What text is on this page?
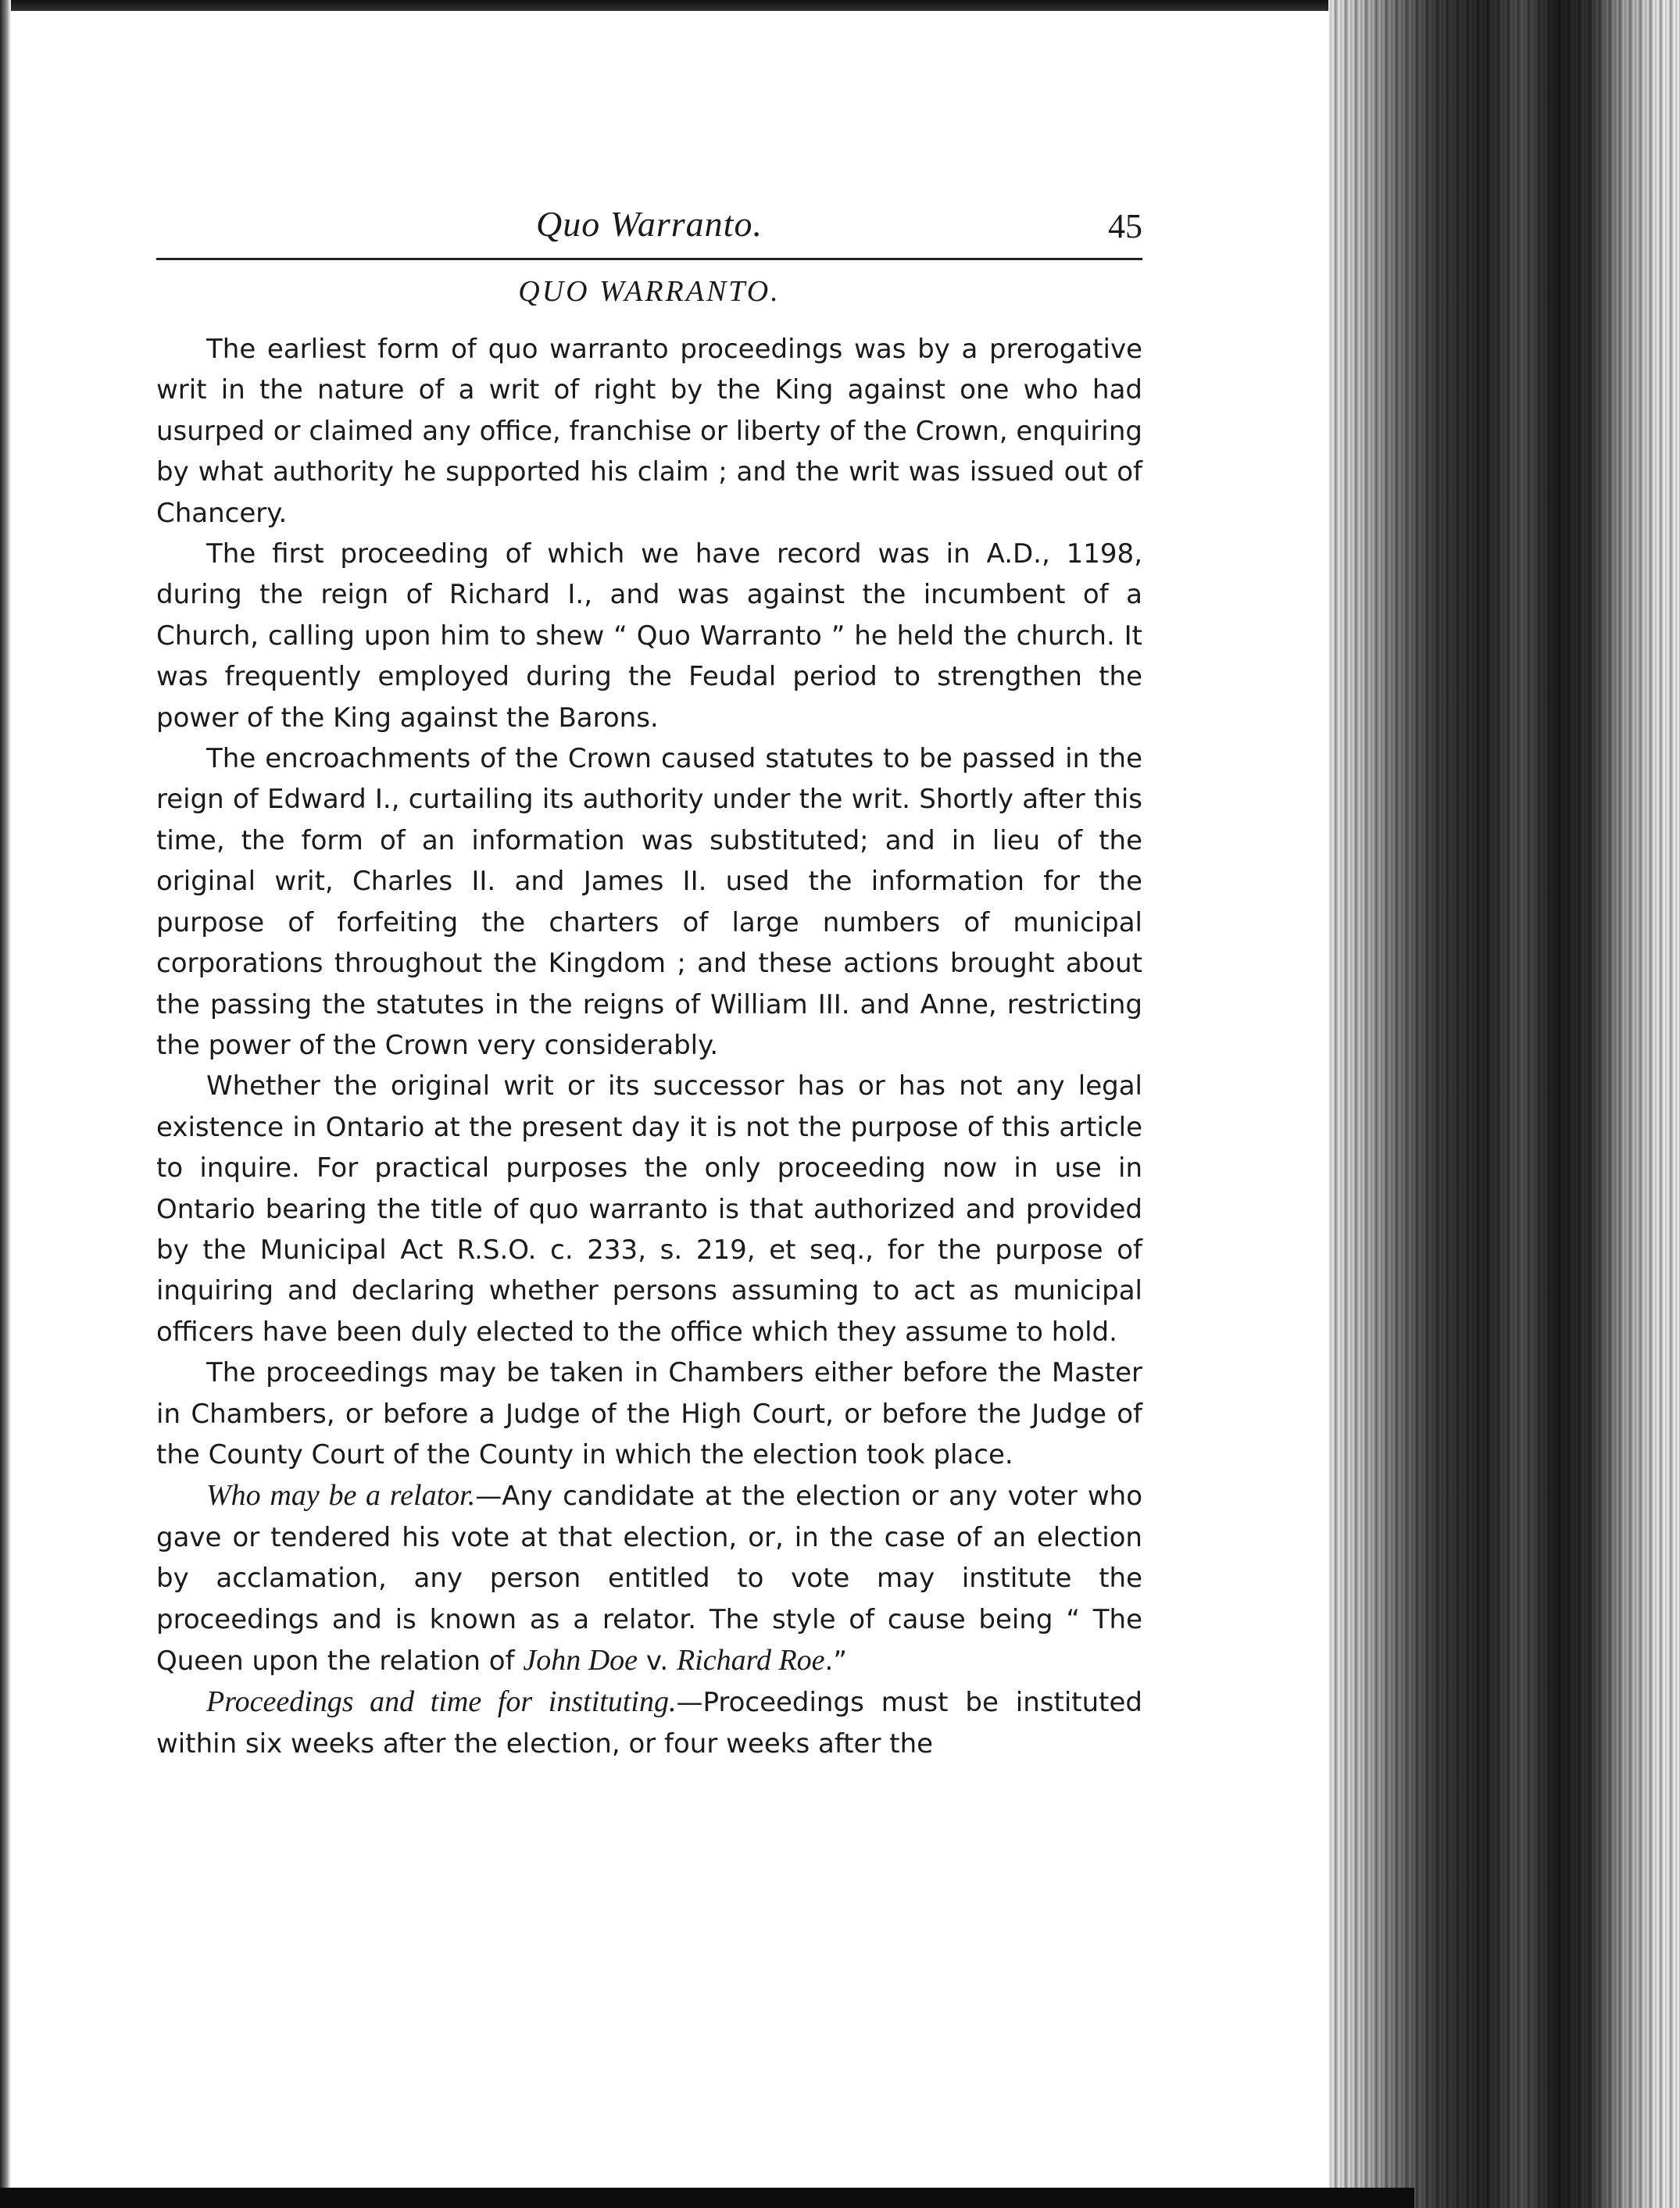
Quo Warranto.	45
QUO WARRANTO.

The earliest form of quo warranto proceedings was by a prerogative writ in the nature of a writ of right by the King against one who had usurped or claimed any office, franchise or liberty of the Crown, enquiring by what authority he supported his claim ; and the writ was issued out of Chancery.

The first proceeding of which we have record was in A.D., 1198, during the reign of Richard I., and was against the incumbent of a Church, calling upon him to shew “ Quo Warranto ” he held the church. It was frequently employed during the Feudal period to strengthen the power of the King against the Barons.

The encroachments of the Crown caused statutes to be passed in the reign of Edward I., curtailing its authority under the writ. Shortly after this time, the form of an information was substituted; and in lieu of the original writ, Charles II. and James II. used the information for the purpose of forfeiting the charters of large numbers of municipal corporations throughout the Kingdom ; and these actions brought about the passing the statutes in the reigns of William III. and Anne, restricting the power of the Crown very considerably.

Whether the original writ or its successor has or has not any legal existence in Ontario at the present day it is not the purpose of this article to inquire. For practical purposes the only proceeding now in use in Ontario bearing the title of quo warranto is that authorized and provided by the Municipal Act R.S.O. c. 233, s. 219, et seq., for the purpose of inquiring and declaring whether persons assuming to act as municipal officers have been duly elected to the office which they assume to hold.

The proceedings may be taken in Chambers either before the Master in Chambers, or before a Judge of the High Court, or before the Judge of the County Court of the County in which the election took place.

Who may be a relator.—Any candidate at the election or any voter who gave or tendered his vote at that election, or, in the case of an election by acclamation, any person entitled to vote may institute the proceedings and is known as a relator. The style of cause being “ The Queen upon the relation of John Doe v. Richard Roe.”

Proceedings and time for instituting.—Proceedings must be instituted within six weeks after the election, or four weeks after the
